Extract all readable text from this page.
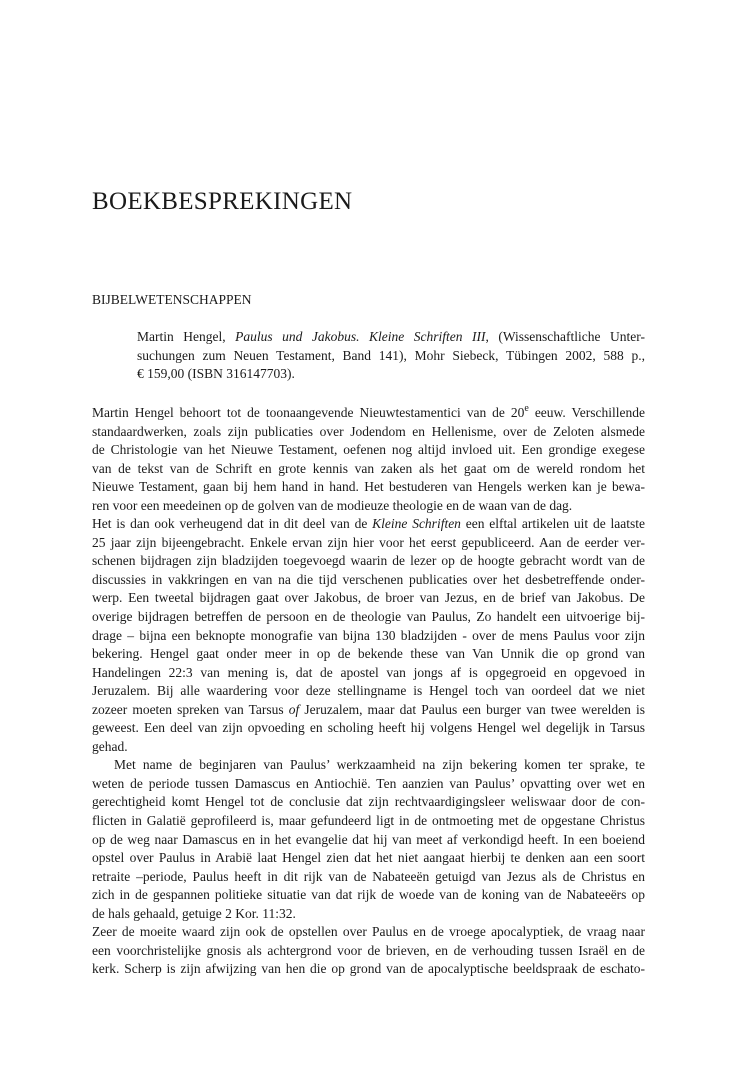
BOEKBESPREKINGEN
BIJBELWETENSCHAPPEN
Martin Hengel, Paulus und Jakobus. Kleine Schriften III, (Wissenschaftliche Unter-
suchungen zum Neuen Testament, Band 141), Mohr Siebeck, Tübingen 2002, 588 p.,
€ 159,00 (ISBN 316147703).
Martin Hengel behoort tot de toonaangevende Nieuwtestamentici van de 20e eeuw. Verschillende
standaardwerken, zoals zijn publicaties over Jodendom en Hellenisme, over de Zeloten alsmede
de Christologie van het Nieuwe Testament, oefenen nog altijd invloed uit. Een grondige exegese
van de tekst van de Schrift en grote kennis van zaken als het gaat om de wereld rondom het
Nieuwe Testament, gaan bij hem hand in hand. Het bestuderen van Hengels werken kan je bewa-
ren voor een meedeinen op de golven van de modieuze theologie en de waan van de dag.
Het is dan ook verheugend dat in dit deel van de Kleine Schriften een elftal artikelen uit de laatste
25 jaar zijn bijeengebracht. Enkele ervan zijn hier voor het eerst gepubliceerd. Aan de eerder ver-
schenen bijdragen zijn bladzijden toegevoegd waarin de lezer op de hoogte gebracht wordt van de
discussies in vakkringen en van na die tijd verschenen publicaties over het desbetreffende onder-
werp. Een tweetal bijdragen gaat over Jakobus, de broer van Jezus, en de brief van Jakobus. De
overige bijdragen betreffen de persoon en de theologie van Paulus, Zo handelt een uitvoerige bij-
drage – bijna een beknopte monografie van bijna 130 bladzijden - over de mens Paulus voor zijn
bekering. Hengel gaat onder meer in op de bekende these van Van Unnik die op grond van
Handelingen 22:3 van mening is, dat de apostel van jongs af is opgegroeid en opgevoed in
Jeruzalem. Bij alle waardering voor deze stellingname is Hengel toch van oordeel dat we niet
zozeer moeten spreken van Tarsus of Jeruzalem, maar dat Paulus een burger van twee werelden is
geweest. Een deel van zijn opvoeding en scholing heeft hij volgens Hengel wel degelijk in Tarsus
gehad.
Met name de beginjaren van Paulus’ werkzaamheid na zijn bekering komen ter sprake, te
weten de periode tussen Damascus en Antiochië. Ten aanzien van Paulus’ opvatting over wet en
gerechtigheid komt Hengel tot de conclusie dat zijn rechtvaardigingsleer weliswaar door de con-
flicten in Galatië geprofileerd is, maar gefundeerd ligt in de ontmoeting met de opgestane Christus
op de weg naar Damascus en in het evangelie dat hij van meet af verkondigd heeft. In een boeiend
opstel over Paulus in Arabië laat Hengel zien dat het niet aangaat hierbij te denken aan een soort
retraite –periode, Paulus heeft in dit rijk van de Nabateeën getuigd van Jezus als de Christus en
zich in de gespannen politieke situatie van dat rijk de woede van de koning van de Nabateeërs op
de hals gehaald, getuige 2 Kor. 11:32.
Zeer de moeite waard zijn ook de opstellen over Paulus en de vroege apocalyptiek, de vraag naar
een voorchristelijke gnosis als achtergrond voor de brieven, en de verhouding tussen Israël en de
kerk. Scherp is zijn afwijzing van hen die op grond van de apocalyptische beeldspraak de eschato-
